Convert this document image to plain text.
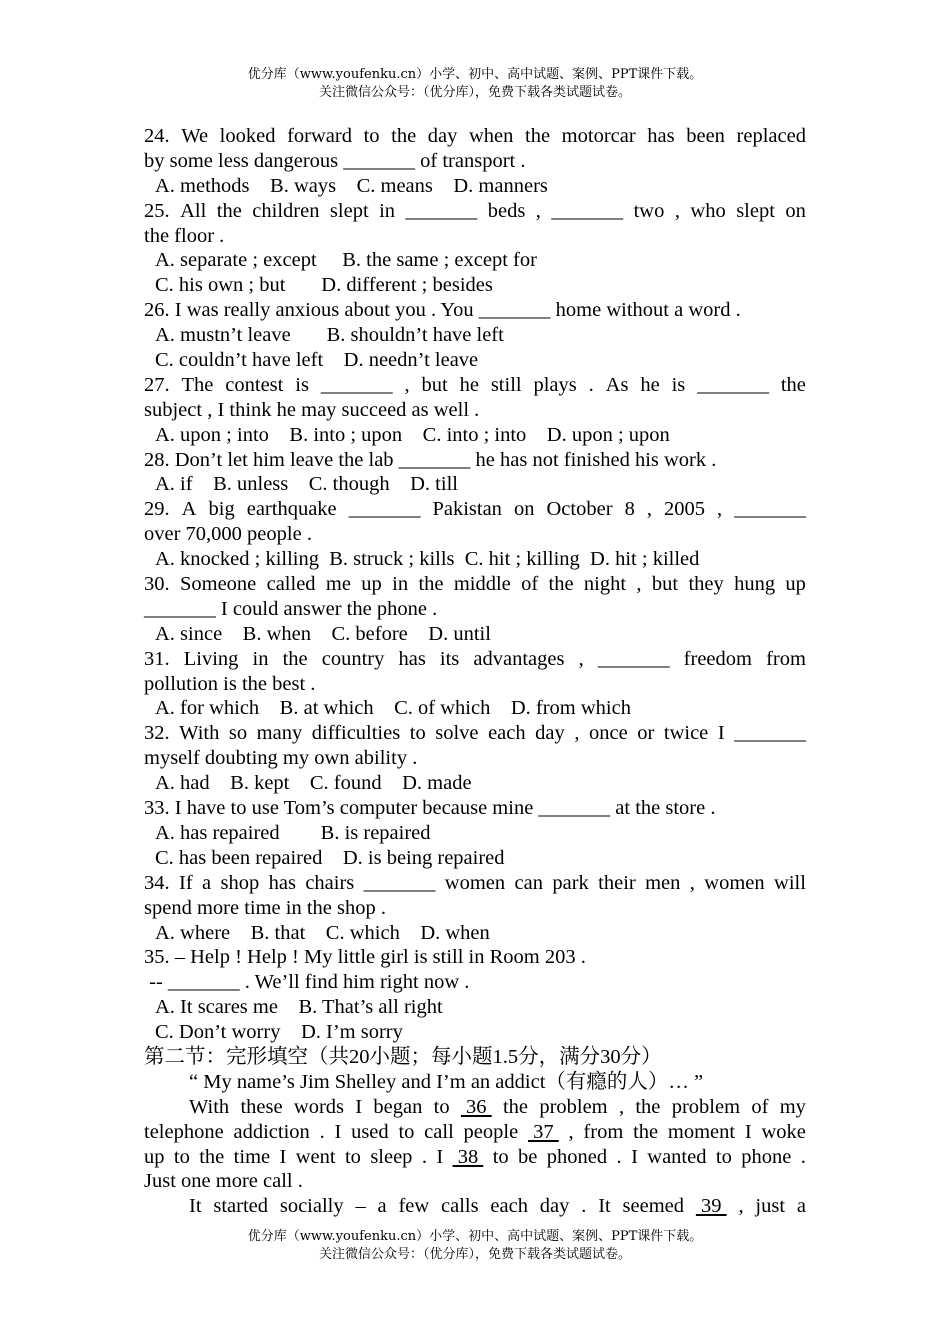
优分库（www.youfenku.cn）小学、初中、高中试题、案例、PPT课件下载。
关注微信公众号：（优分库），免费下载各类试题试卷。
24. We looked forward to the day when the motorcar has been replaced
by some less dangerous _______ of transport .
A. methods    B. ways    C. means    D. manners
25. All the children slept in _______ beds , _______ two , who slept on
the floor .
A. separate ; except     B. the same ; except for
C. his own ; but       D. different ; besides
26. I was really anxious about you . You _______ home without a word .
A. mustn’t leave       B. shouldn’t have left
C. couldn’t have left    D. needn’t leave
27. The contest is _______ , but he still plays . As he is _______ the
subject , I think he may succeed as well .
A. upon ; into    B. into ; upon    C. into ; into    D. upon ; upon
28. Don’t let him leave the lab _______ he has not finished his work .
A. if    B. unless    C. though    D. till
29. A big earthquake _______ Pakistan on October 8 , 2005 , _______
over 70,000 people .
A. knocked ; killing  B. struck ; kills  C. hit ; killing  D. hit ; killed
30. Someone called me up in the middle of the night , but they hung up
_______ I could answer the phone .
A. since    B. when    C. before    D. until
31. Living in the country has its advantages , _______ freedom from
pollution is the best .
A. for which    B. at which    C. of which    D. from which
32. With so many difficulties to solve each day , once or twice I _______
myself doubting my own ability .
A. had    B. kept    C. found    D. made
33. I have to use Tom’s computer because mine _______ at the store .
A. has repaired        B. is repaired
C. has been repaired    D. is being repaired
34. If a shop has chairs _______ women can park their men , women will
spend more time in the shop .
A. where    B. that    C. which    D. when
35. – Help ! Help ! My little girl is still in Room 203 .
-- _______ . We’ll find him right now .
A. It scares me    B. That’s all right
C. Don’t worry    D. I’m sorry
第二节：完形填空（共20小题；每小题1.5分，满分30分）
“ My name’s Jim Shelley and I’m an addict（有瘾的人）… ”
With these words I began to 36 the problem , the problem of my
telephone addiction . I used to call people 37 , from the moment I woke
up to the time I went to sleep . I 38 to be phoned . I wanted to phone .
Just one more call .
It started socially – a few calls each day . It seemed 39 , just a
优分库（www.youfenku.cn）小学、初中、高中试题、案例、PPT课件下载。
关注微信公众号：（优分库），免费下载各类试题试卷。
